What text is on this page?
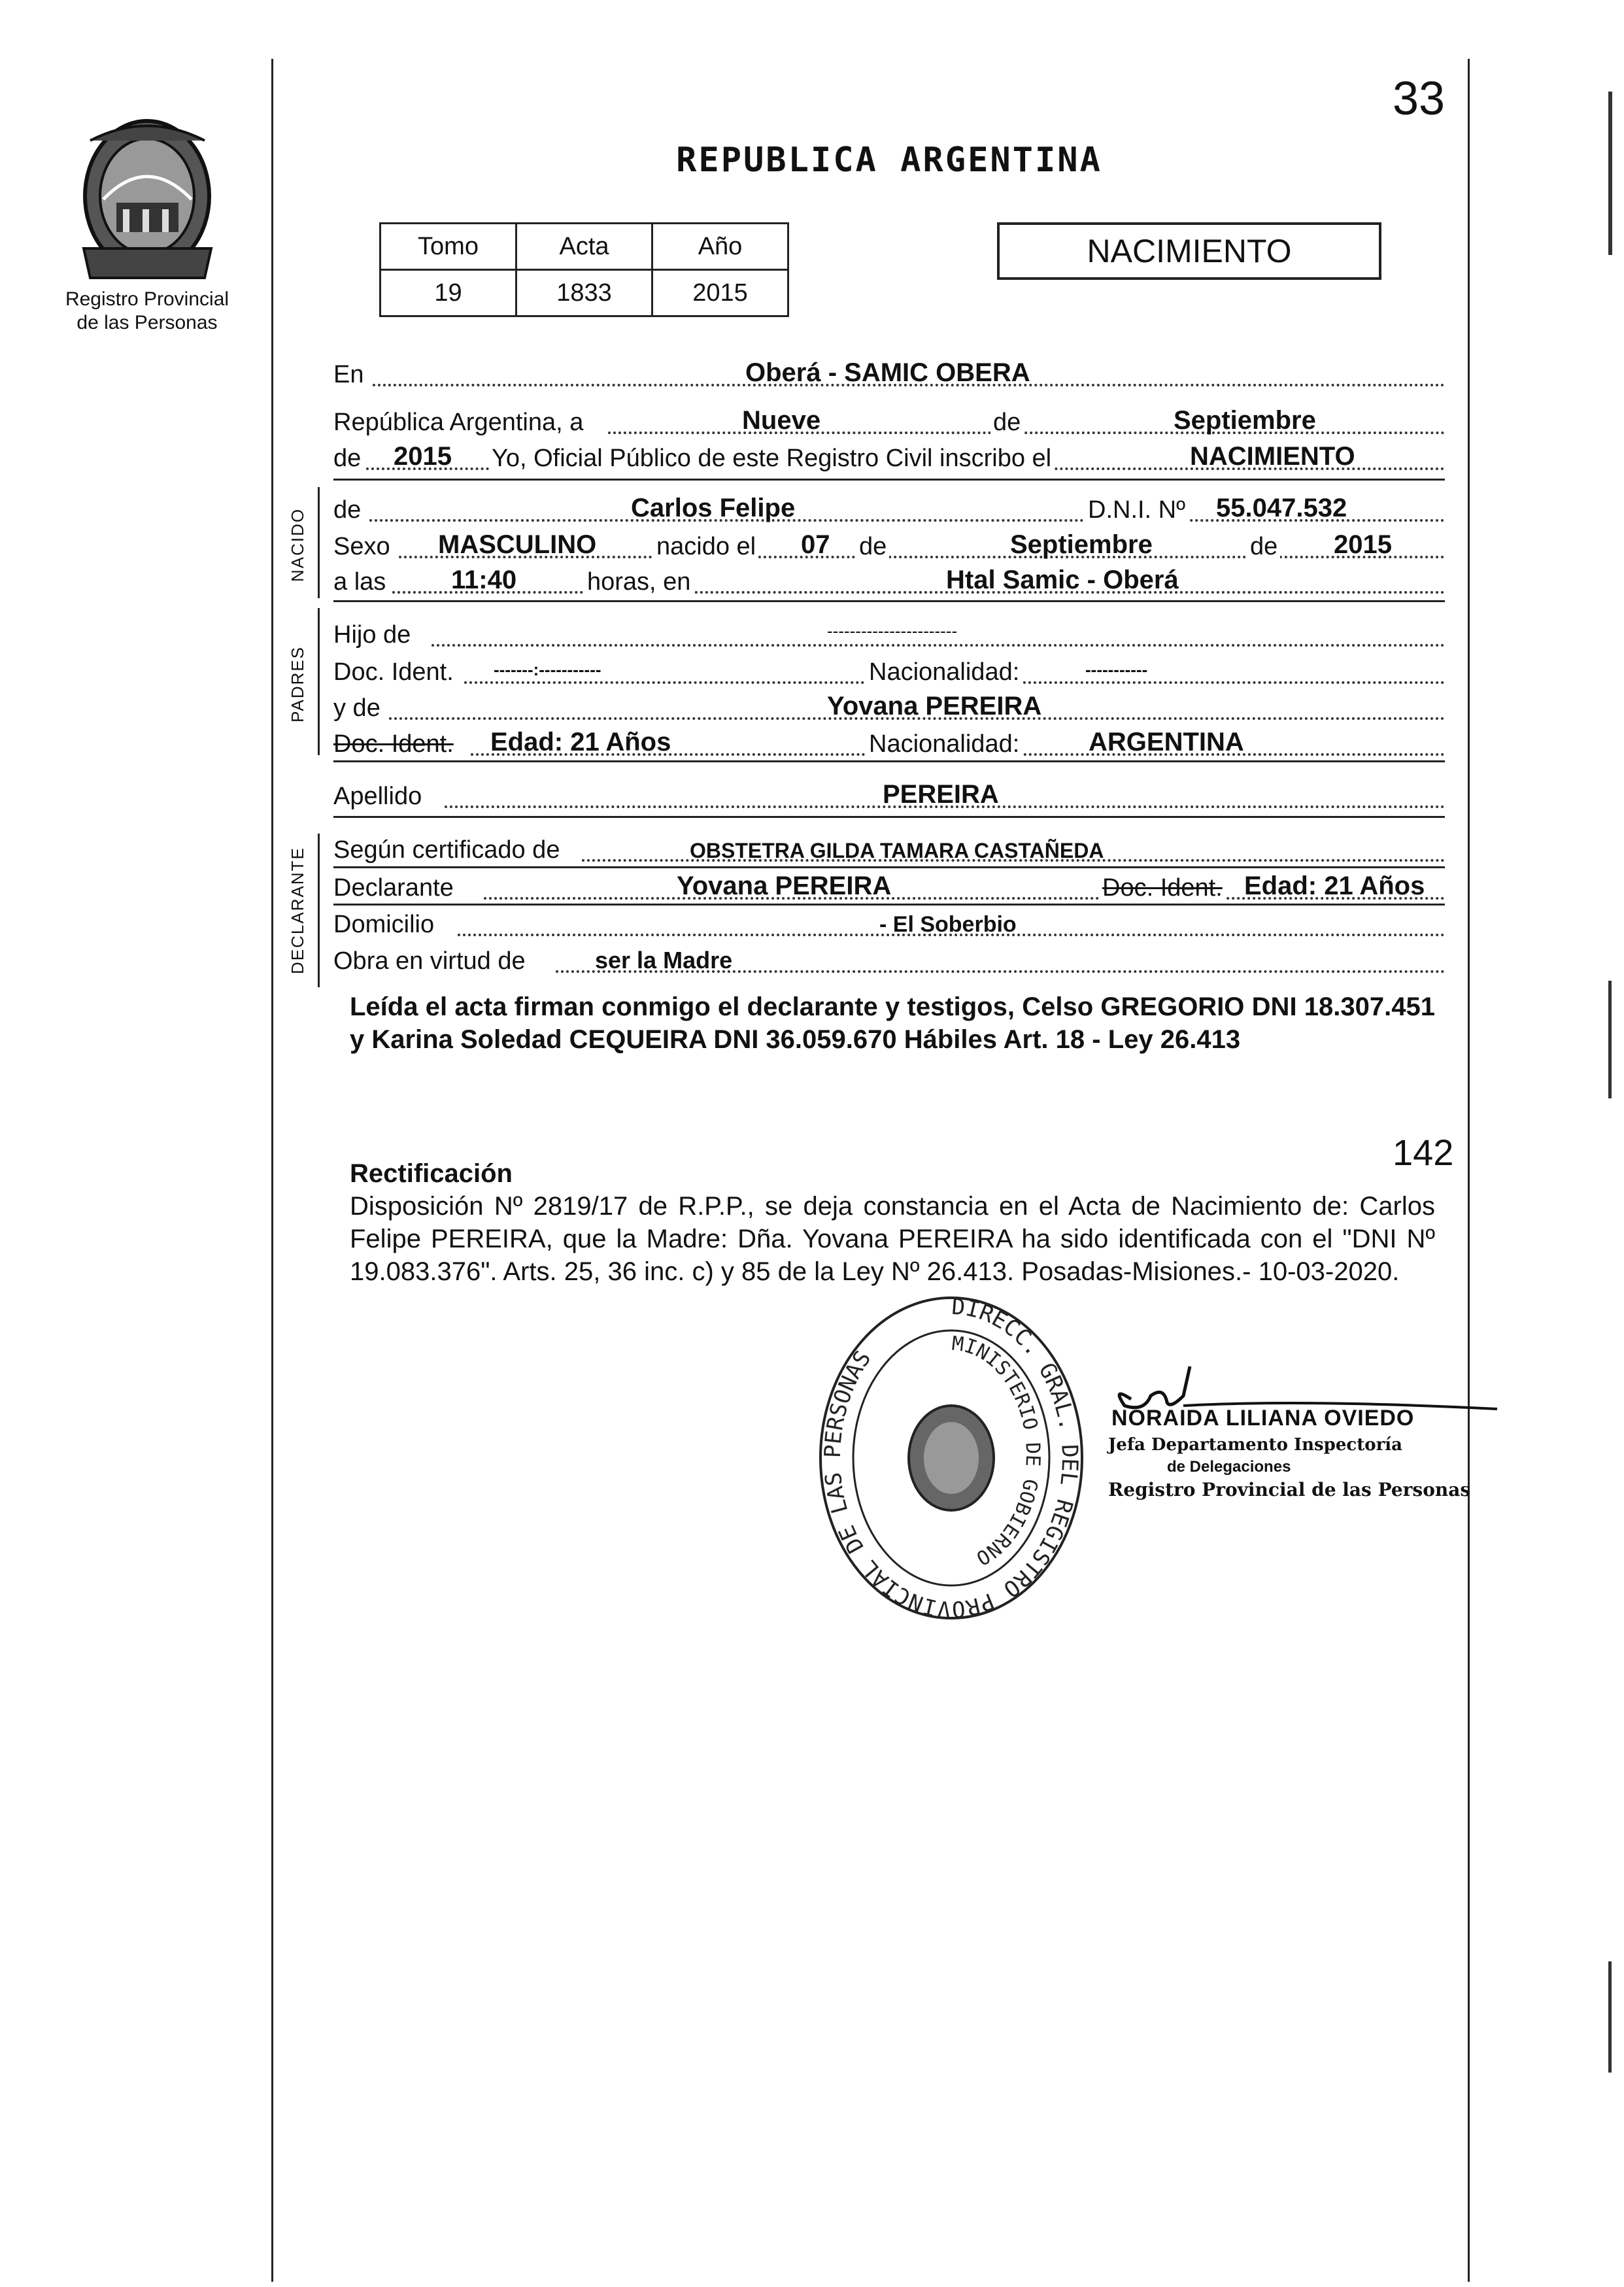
Registro Provincial
de las Personas
33
REPUBLICA ARGENTINA
Tomo	Acta	Año
19	1833	2015
NACIMIENTO
En	Oberá - SAMIC OBERA
República Argentina, a	Nueve	de	Septiembre
de 2015 Yo, Oficial Público de este Registro Civil inscribo el	NACIMIENTO
NACIDO de	Carlos Felipe	D.N.I. Nº 55.047.532
Sexo MASCULINO nacido el 07 de	Septiembre	de 2015
a las 11:40	horas, en	Htal Samic - Oberá
PADRES
Hijo de	-----------------------
Doc. Ident. -------:-----------	Nacionalidad:	-----------
y de	Yovana PEREIRA
Doc. Ident. Edad: 21 Años	Nacionalidad:	ARGENTINA
Apellido	PEREIRA
DECLARANTE Según certificado de	OBSTETRA GILDA TAMARA CASTAÑEDA
Declarante	Yovana PEREIRA	Doc. Ident. Edad: 21 Años
Domicilio	- El Soberbio
Obra en virtud de	ser la Madre
Leída el acta firman conmigo el declarante y testigos, Celso GREGORIO DNI 18.307.451 y Karina Soledad CEQUEIRA DNI 36.059.670 Hábiles Art. 18 - Ley 26.413
142
Rectificación
Disposición Nº 2819/17 de R.P.P., se deja constancia en el Acta de Nacimiento de: Carlos Felipe PEREIRA, que la Madre: Dña. Yovana PEREIRA ha sido identificada con el "DNI Nº 19.083.376". Arts. 25, 36 inc. c) y 85 de la Ley Nº 26.413. Posadas-Misiones.- 10-03-2020.
DIRECC. GRAL. DEL REGISTRO PROVINCIAL DE LAS PERSONAS
MINISTERIO DE GOBIERNO
NORAIDA LILIANA OVIEDO
Jefa Departamento Inspectoría
de Delegaciones
Registro Provincial de las Personas
